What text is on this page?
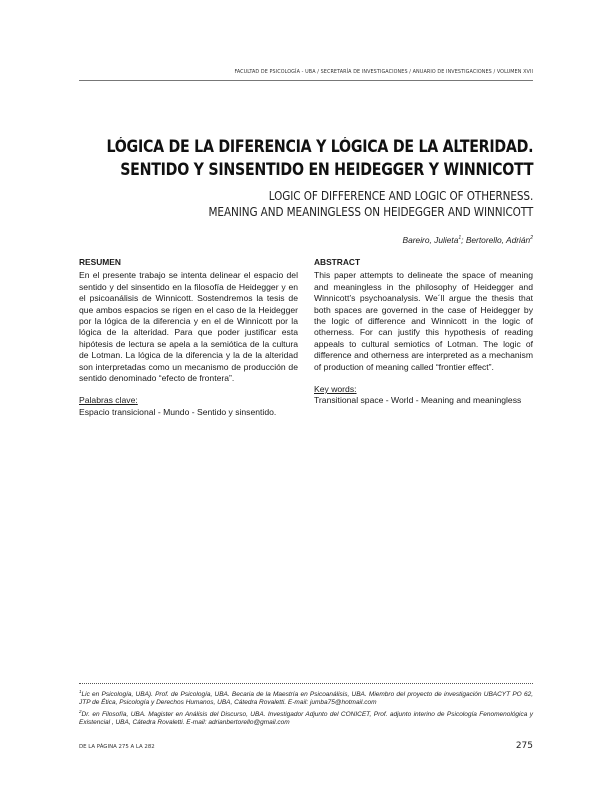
FACULTAD DE PSICOLOGÍA - UBA / SECRETARÍA DE INVESTIGACIONES / ANUARIO DE INVESTIGACIONES / VOLUMEN XVII
LÓGICA DE LA DIFERENCIA Y LÓGICA DE LA ALTERIDAD.
SENTIDO Y SINSENTIDO EN HEIDEGGER Y WINNICOTT
LOGIC OF DIFFERENCE AND LOGIC OF OTHERNESS.
MEANING AND MEANINGLESS ON HEIDEGGER AND WINNICOTT
Bareiro, Julieta$^1$; Bertorello, Adrián$^2$
RESUMEN
En el presente trabajo se intenta delinear el espacio del sentido y del sinsentido en la filosofía de Heidegger y en el psicoanálisis de Winnicott. Sostendremos la tesis de que ambos espacios se rigen en el caso de la Heidegger por la lógica de la diferencia y en el de Winnicott por la lógica de la alteridad. Para que poder justificar esta hipótesis de lectura se apela a la semiótica de la cultura de Lotman. La lógica de la diferencia y la de la alteridad son interpretadas como un mecanismo de producción de sentido denominado “efecto de frontera”.
Palabras clave:
Espacio transicional - Mundo - Sentido y sinsentido.
ABSTRACT
This paper attempts to delineate the space of meaning and meaningless in the philosophy of Heidegger and Winnicott’s psychoanalysis. We´ll argue the thesis that both spaces are governed in the case of Heidegger by the logic of difference and Winnicott in the logic of otherness. For can justify this hypothesis of reading appeals to cultural semiotics of Lotman. The logic of difference and otherness are interpreted as a mechanism of production of meaning called “frontier effect”.
Key words:
Transitional space - World - Meaning and meaningless
$^1$Lic en Psicología, UBA). Prof. de Psicología, UBA. Becaria de la Maestría en Psicoanálisis, UBA. Miembro del proyecto de investigación UBACYT PO 62, JTP de Ética, Psicología y Derechos Humanos, UBA, Cátedra Rovaletti. E-mail: jumba75@hotmail.com
$^2$Dr. en Filosofía, UBA. Magister en Análisis del Discurso, UBA. Investigador Adjunto del CONICET, Prof. adjunto interino de Psicología Fenomenológica y Existencial , UBA, Cátedra Rovaletti. E-mail: adrianbertorello@gmail.com
DE LA PÁGINA 275 A LA 282	275
